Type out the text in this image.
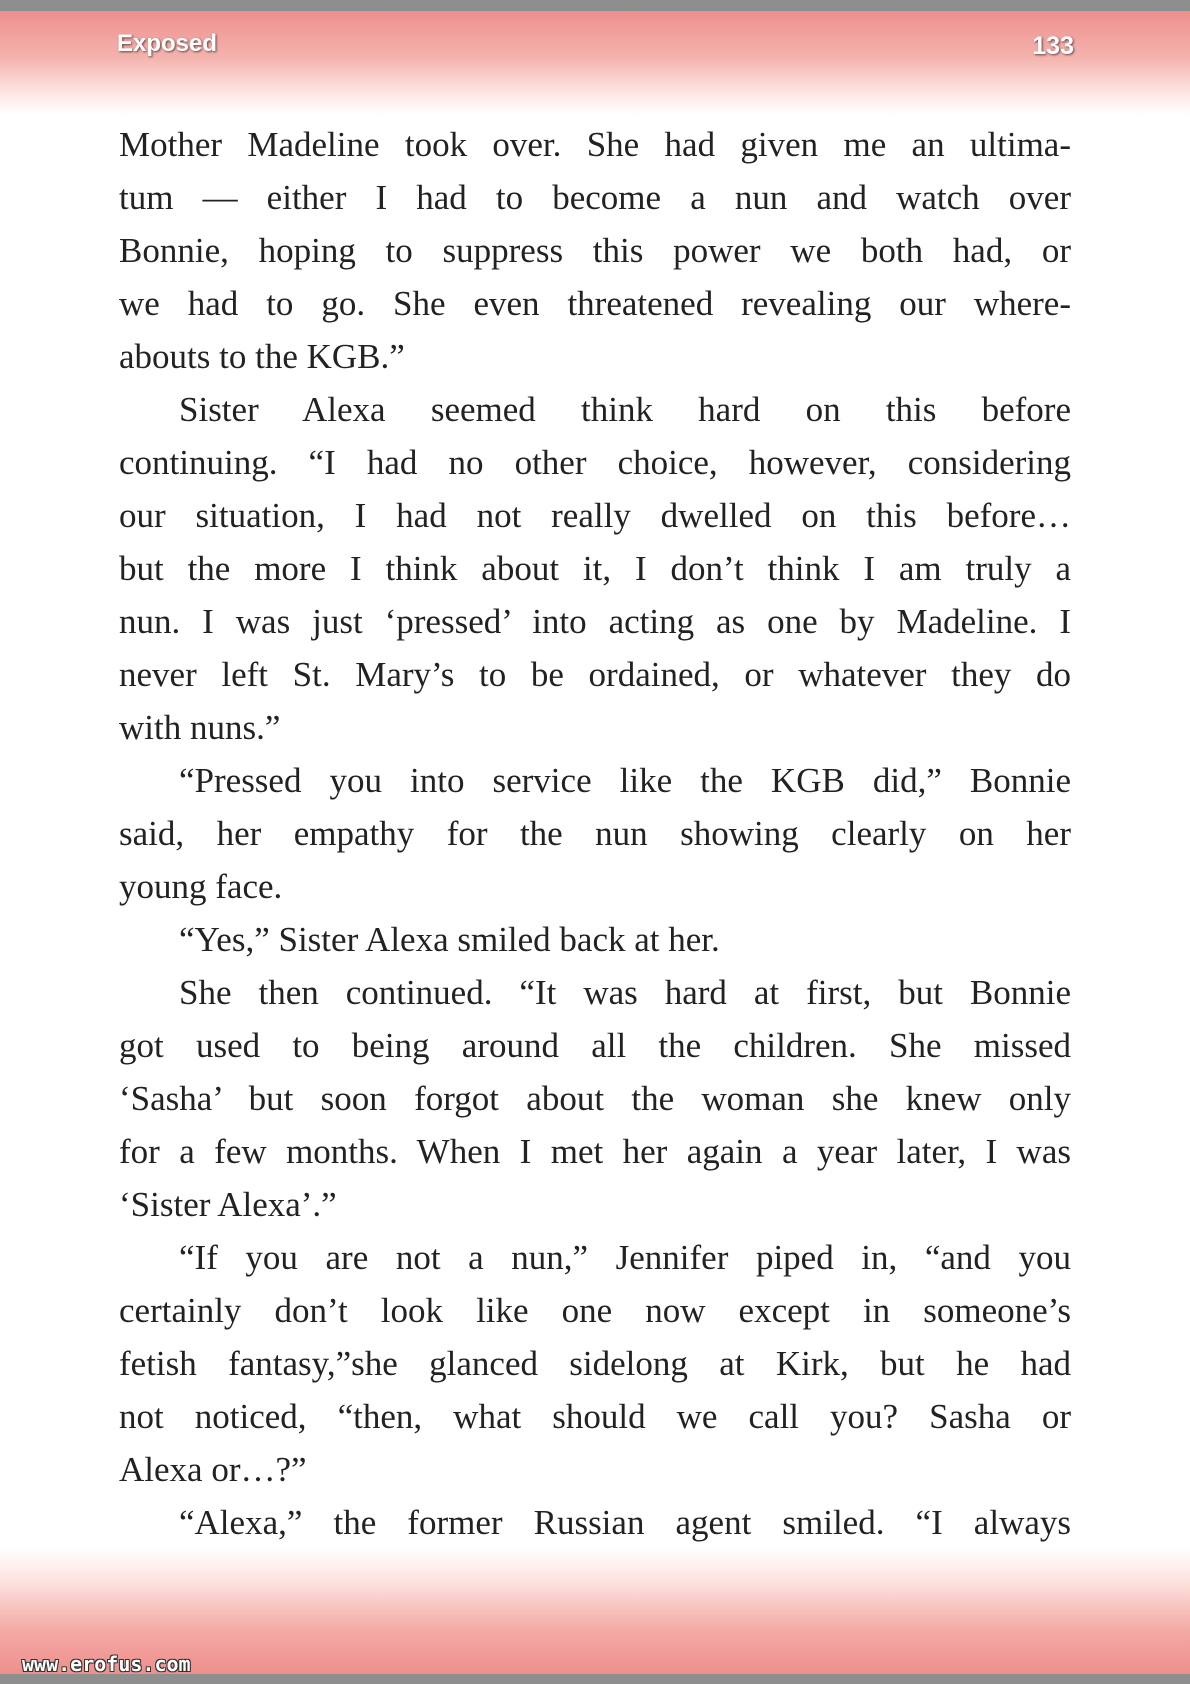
Exposed	133

Mother Madeline took over. She had given me an ultima-

tum — either I had to become a nun and watch over

Bonnie, hoping to suppress this power we both had, or

we had to go. She even threatened revealing our where-

abouts to the KGB.”

Sister Alexa seemed think hard on this before

continuing. “I had no other choice, however, considering

our situation, I had not really dwelled on this before…

but the more I think about it, I don’t think I am truly a

nun. I was just ‘pressed’ into acting as one by Madeline. I

never left St. Mary’s to be ordained, or whatever they do

with nuns.”

“Pressed you into service like the KGB did,” Bonnie

said, her empathy for the nun showing clearly on her

young face.

“Yes,” Sister Alexa smiled back at her.

She then continued. “It was hard at first, but Bonnie

got used to being around all the children. She missed

‘Sasha’ but soon forgot about the woman she knew only

for a few months. When I met her again a year later, I was

‘Sister Alexa’.”

“If you are not a nun,” Jennifer piped in, “and you

certainly don’t look like one now except in someone’s

fetish fantasy,”she glanced sidelong at Kirk, but he had

not noticed, “then, what should we call you? Sasha or

Alexa or…?”

“Alexa,” the former Russian agent smiled. “I always

www.erofus.com
